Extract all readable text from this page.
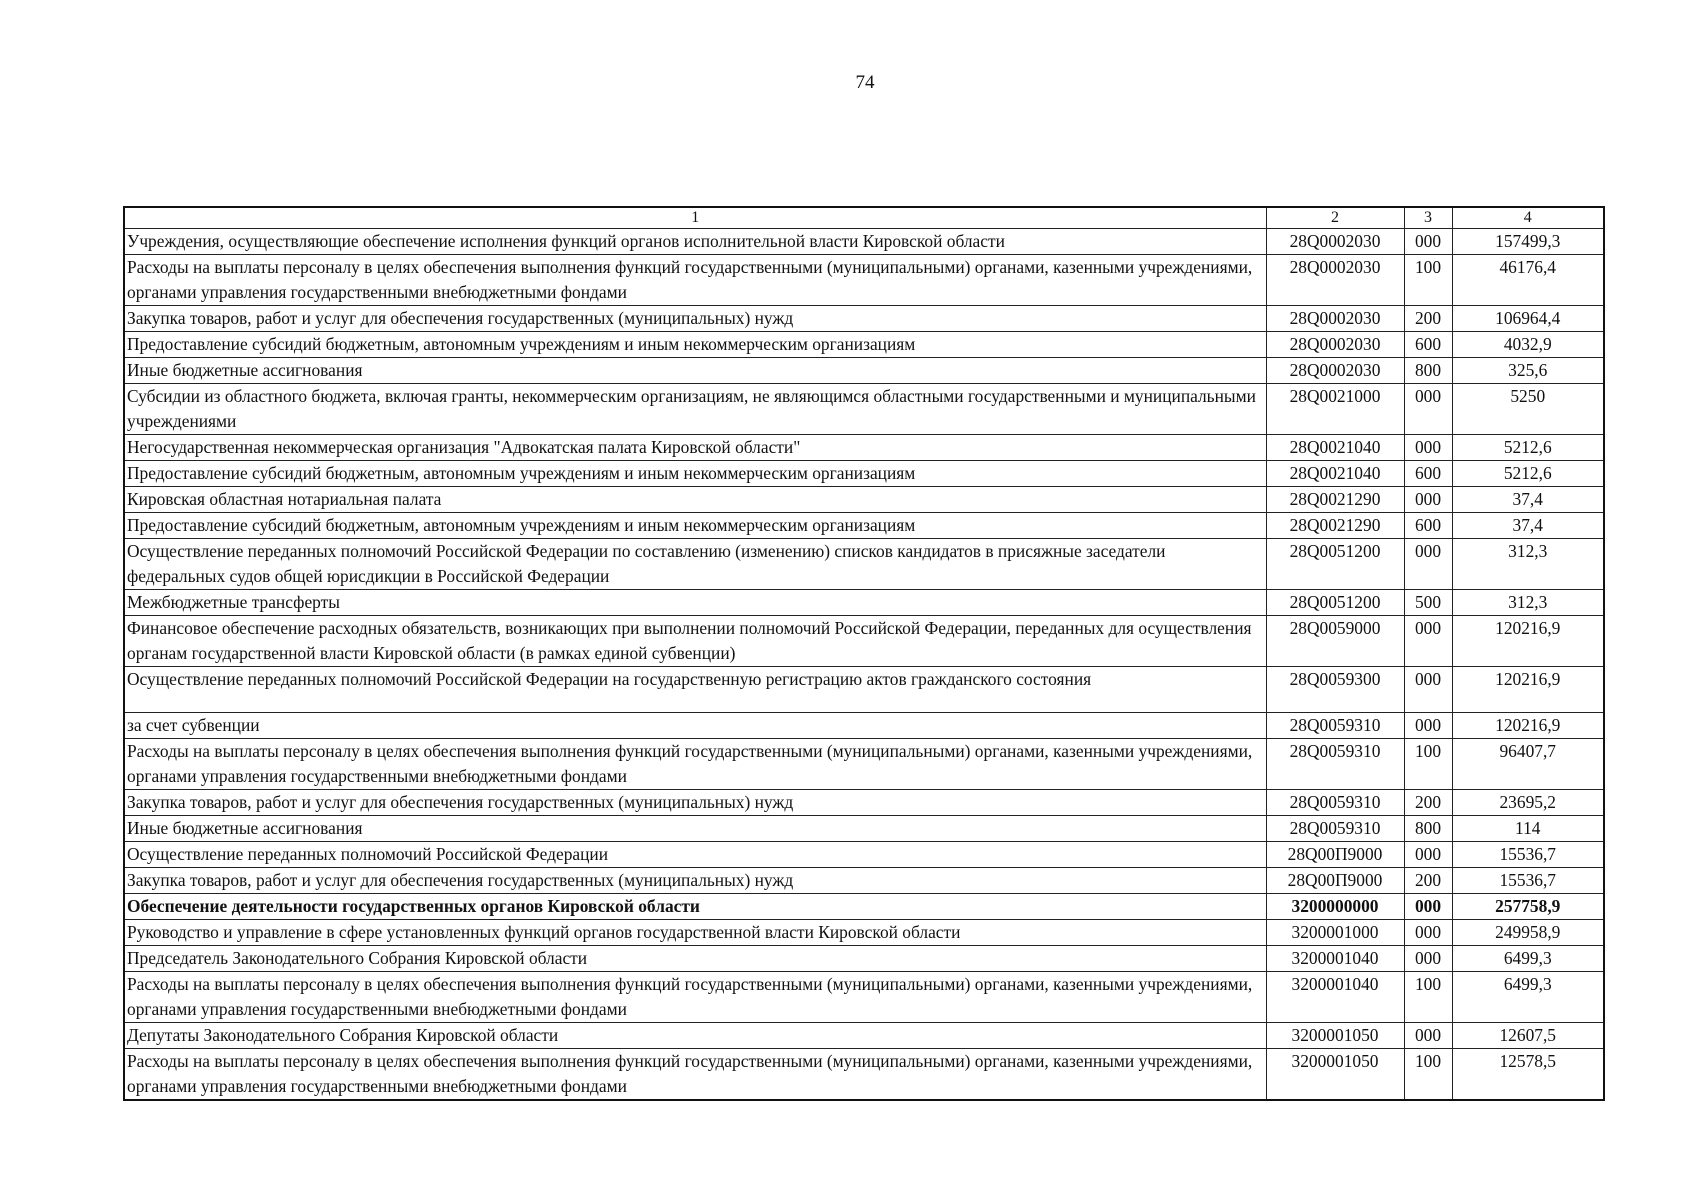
74
1	2	3	4
Учреждения, осуществляющие обеспечение исполнения функций органов исполнительной власти Кировской области	28Q0002030	000	157499,3
Расходы на выплаты персоналу в целях обеспечения выполнения функций государственными (муниципальными) органами, казенными учреждениями, органами управления государственными внебюджетными фондами	28Q0002030	100	46176,4
Закупка товаров, работ и услуг для обеспечения государственных (муниципальных) нужд	28Q0002030	200	106964,4
Предоставление субсидий бюджетным, автономным учреждениям и иным некоммерческим организациям	28Q0002030	600	4032,9
Иные бюджетные ассигнования	28Q0002030	800	325,6
Субсидии из областного бюджета, включая гранты, некоммерческим организациям, не являющимся областными государственными и муниципальными учреждениями	28Q0021000	000	5250
Негосударственная некоммерческая организация "Адвокатская палата Кировской области"	28Q0021040	000	5212,6
Предоставление субсидий бюджетным, автономным учреждениям и иным некоммерческим организациям	28Q0021040	600	5212,6
Кировская областная нотариальная палата	28Q0021290	000	37,4
Предоставление субсидий бюджетным, автономным учреждениям и иным некоммерческим организациям	28Q0021290	600	37,4
Осуществление переданных полномочий Российской Федерации по составлению (изменению) списков кандидатов в присяжные заседатели федеральных судов общей юрисдикции в Российской Федерации	28Q0051200	000	312,3
Межбюджетные трансферты	28Q0051200	500	312,3
Финансовое обеспечение расходных обязательств, возникающих при выполнении полномочий Российской Федерации, переданных для осуществления органам государственной власти Кировской области (в рамках единой субвенции)	28Q0059000	000	120216,9
Осуществление переданных полномочий Российской Федерации на государственную регистрацию актов гражданского состояния	28Q0059300	000	120216,9
за счет субвенции	28Q0059310	000	120216,9
Расходы на выплаты персоналу в целях обеспечения выполнения функций государственными (муниципальными) органами, казенными учреждениями, органами управления государственными внебюджетными фондами	28Q0059310	100	96407,7
Закупка товаров, работ и услуг для обеспечения государственных (муниципальных) нужд	28Q0059310	200	23695,2
Иные бюджетные ассигнования	28Q0059310	800	114
Осуществление переданных полномочий Российской Федерации	28Q00П9000	000	15536,7
Закупка товаров, работ и услуг для обеспечения государственных (муниципальных) нужд	28Q00П9000	200	15536,7
Обеспечение деятельности государственных органов Кировской области	3200000000	000	257758,9
Руководство и управление в сфере установленных функций органов государственной власти Кировской области	3200001000	000	249958,9
Председатель Законодательного Собрания Кировской области	3200001040	000	6499,3
Расходы на выплаты персоналу в целях обеспечения выполнения функций государственными (муниципальными) органами, казенными учреждениями, органами управления государственными внебюджетными фондами	3200001040	100	6499,3
Депутаты Законодательного Собрания Кировской области	3200001050	000	12607,5
Расходы на выплаты персоналу в целях обеспечения выполнения функций государственными (муниципальными) органами, казенными учреждениями, органами управления государственными внебюджетными фондами	3200001050	100	12578,5
